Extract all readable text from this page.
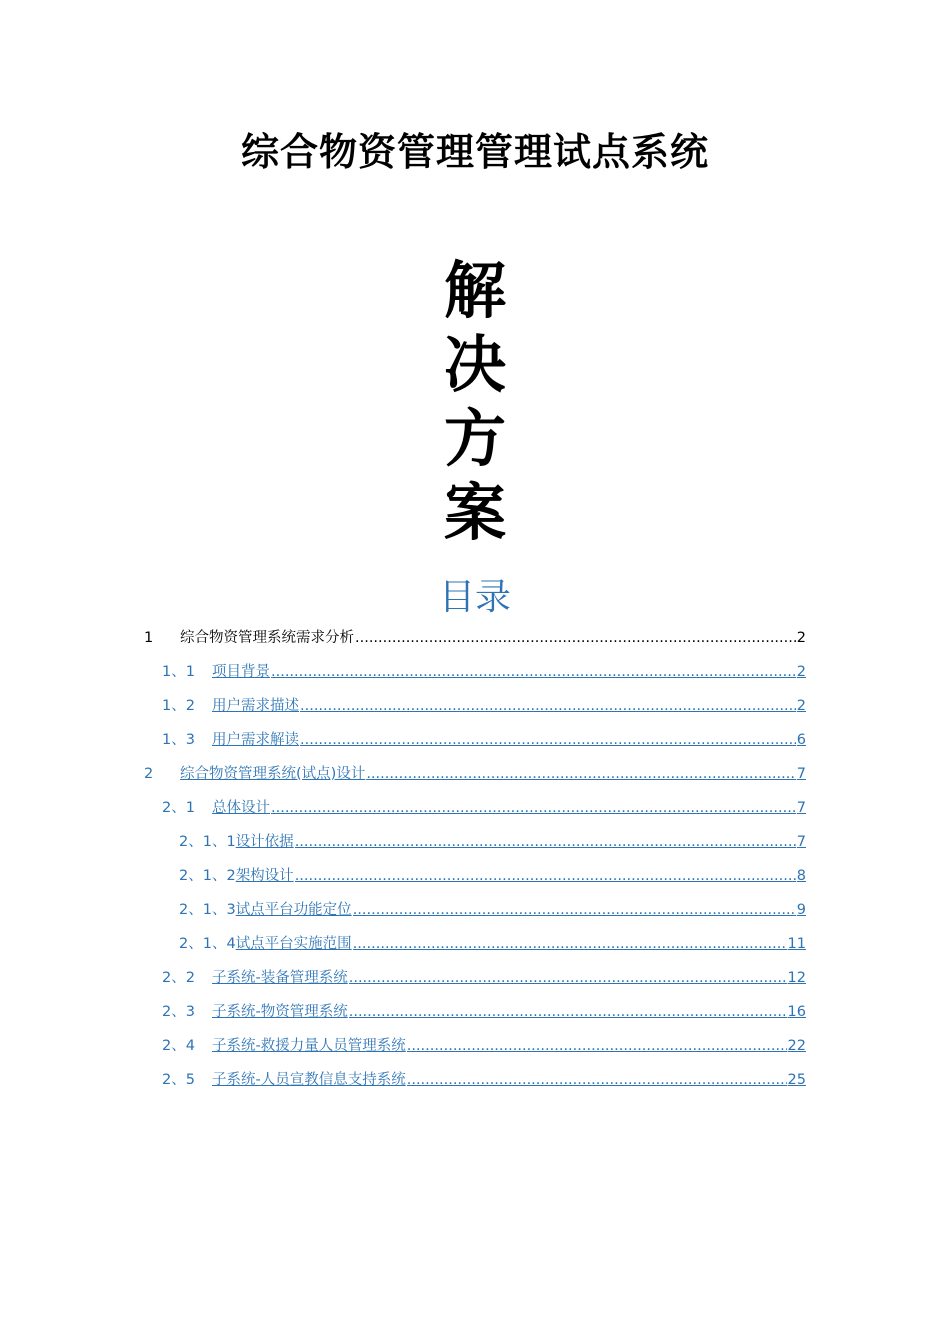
综合物资管理管理试点系统
解
决
方
案
目录
1 综合物资管理系统需求分析 .....	2
1、1 项目背景 .....	2
1、2 用户需求描述 .....	2
1、3 用户需求解读 .....	6
2 综合物资管理系统(试点)设计 .....	7
2、1 总体设计 .....	7
2、1、1设计依据 .....	7
2、1、2架构设计 .....	8
2、1、3试点平台功能定位 .....	9
2、1、4试点平台实施范围 .....	11
2、2 子系统-装备管理系统 .....	12
2、3 子系统-物资管理系统 .....	16
2、4 子系统-救援力量人员管理系统 .....	22
2、5 子系统-人员宣教信息支持系统 .....	25
